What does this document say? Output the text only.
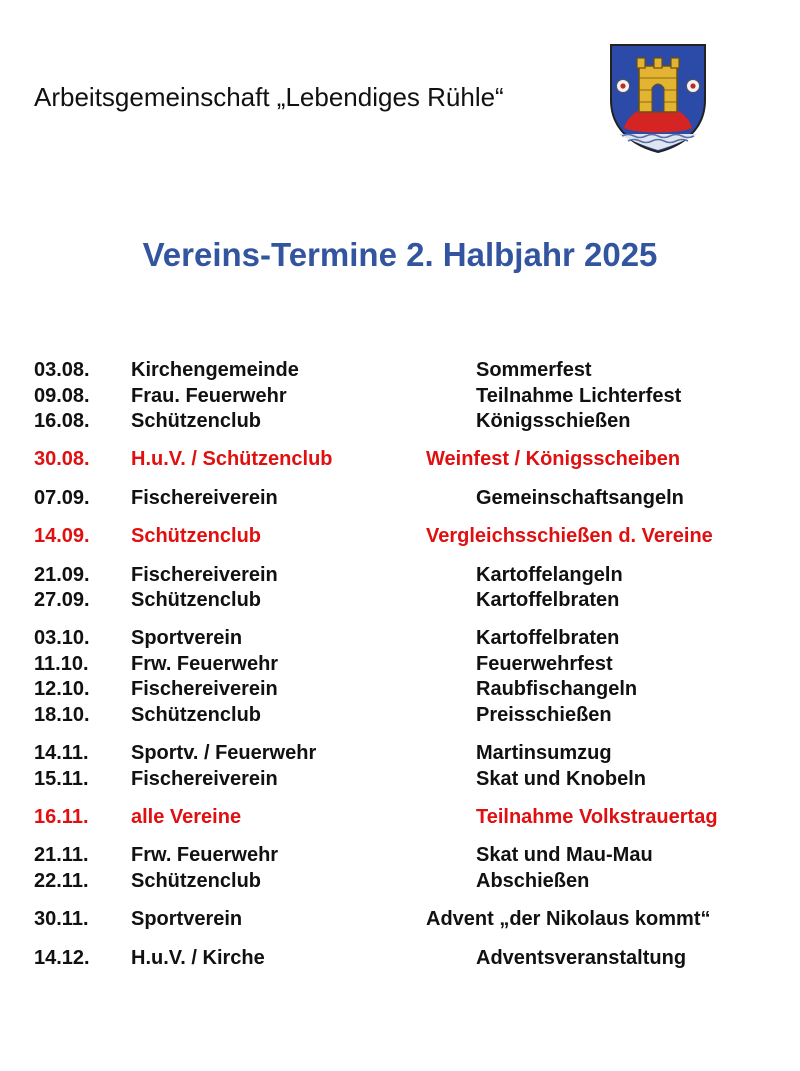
Arbeitsgemeinschaft „Lebendiges Rühle“
Vereins-Termine 2. Halbjahr 2025
03.08. Kirchengemeinde	Sommerfest
09.08. Frau. Feuerwehr	Teilnahme Lichterfest
16.08. Schützenclub	Königsschießen
30.08. H.u.V. / Schützenclub	Weinfest / Königsscheiben
07.09. Fischereiverein	Gemeinschaftsangeln
14.09. Schützenclub	Vergleichsschießen d. Vereine
21.09. Fischereiverein	Kartoffelangeln
27.09. Schützenclub	Kartoffelbraten
03.10. Sportverein	Kartoffelbraten
11.10. Frw. Feuerwehr	Feuerwehrfest
12.10. Fischereiverein	Raubfischangeln
18.10. Schützenclub	Preisschießen
14.11. Sportv. / Feuerwehr	Martinsumzug
15.11. Fischereiverein	Skat und Knobeln
16.11. alle Vereine	Teilnahme Volkstrauertag
21.11. Frw. Feuerwehr	Skat und Mau-Mau
22.11. Schützenclub	Abschießen
30.11. Sportverein	Advent „der Nikolaus kommt“
14.12. H.u.V. / Kirche	Adventsveranstaltung
